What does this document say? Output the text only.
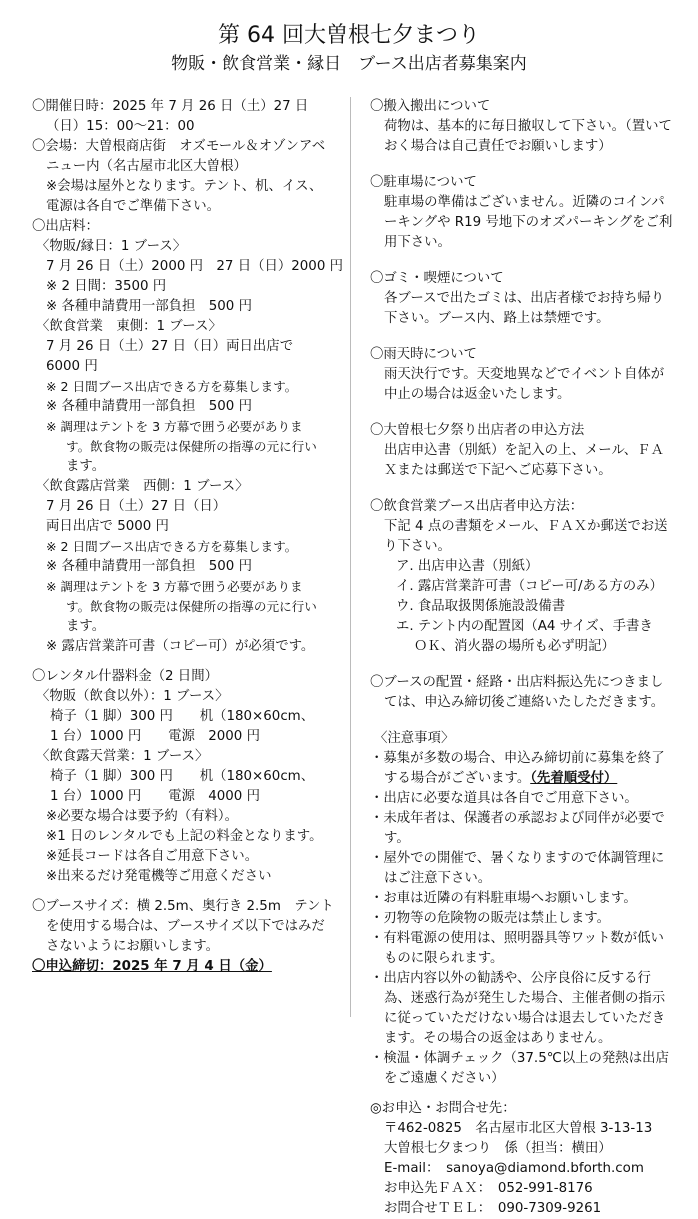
第 64 回大曽根七夕まつり
物販・飲食営業・縁日　ブース出店者募集案内
〇開催日時：2025 年 7 月 26 日（土）27 日
（日）15：00～21：00
〇会場：大曽根商店街　オズモール＆オゾンアベ
ニュー内（名古屋市北区大曽根）
※会場は屋外となります。テント、机、イス、
電源は各自でご準備下さい。
〇出店料：
〈物販/縁日：1 ブース〉
7 月 26 日（土）2000 円　27 日（日）2000 円
※ 2 日間：3500 円
※ 各種申請費用一部負担　500 円
〈飲食営業　東側：1 ブース〉
7 月 26 日（土）27 日（日）両日出店で
6000 円
※ 2 日間ブース出店できる方を募集します。
※ 各種申請費用一部負担　500 円
※ 調理はテントを 3 方幕で囲う必要がありま
す。飲食物の販売は保健所の指導の元に行い
ます。
〈飲食露店営業　西側：1 ブース〉
7 月 26 日（土）27 日（日）
両日出店で 5000 円
※ 2 日間ブース出店できる方を募集します。
※ 各種申請費用一部負担　500 円
※ 調理はテントを 3 方幕で囲う必要がありま
す。飲食物の販売は保健所の指導の元に行い
ます。
※ 露店営業許可書（コピー可）が必須です。
〇レンタル什器料金（2 日間）
〈物販（飲食以外）：1 ブース〉
椅子（1 脚）300 円　　机（180×60cm、
1 台）1000 円　　電源　2000 円
〈飲食露天営業：1 ブース〉
椅子（1 脚）300 円　　机（180×60cm、
1 台）1000 円　　電源　4000 円
※必要な場合は要予約（有料）。
※1 日のレンタルでも上記の料金となります。
※延長コードは各自ご用意下さい。
※出来るだけ発電機等ご用意ください
〇ブースサイズ：横 2.5m、奥行き 2.5m　テント
を使用する場合は、ブースサイズ以下ではみだ
さないようにお願いします。
〇申込締切：2025 年 7 月 4 日（金）
〇搬入搬出について
荷物は、基本的に毎日撤収して下さい。（置いて
おく場合は自己責任でお願いします）
〇駐車場について
駐車場の準備はございません。近隣のコインパ
ーキングや R19 号地下のオズパーキングをご利
用下さい。
〇ゴミ・喫煙について
各ブースで出たゴミは、出店者様でお持ち帰り
下さい。ブース内、路上は禁煙です。
〇雨天時について
雨天決行です。天変地異などでイベント自体が
中止の場合は返金いたします。
〇大曽根七夕祭り出店者の申込方法
出店申込書（別紙）を記入の上、メール、ＦＡ
Ｘまたは郵送で下記へご応募下さい。
〇飲食営業ブース出店者申込方法：
下記 4 点の書類をメール、ＦＡＸか郵送でお送
り下さい。
ア. 出店申込書（別紙）
イ. 露店営業許可書（コピー可/ある方のみ）
ウ. 食品取扱関係施設設備書
エ. テント内の配置図（A4 サイズ、手書き
ＯＫ、消火器の場所も必ず明記）
〇ブースの配置・経路・出店料振込先につきまし
ては、申込み締切後ご連絡いたしただきます。
〈注意事項〉
・募集が多数の場合、申込み締切前に募集を終了
する場合がございます。（先着順受付）
・出店に必要な道具は各自でご用意下さい。
・未成年者は、保護者の承認および同伴が必要で
す。
・屋外での開催で、暑くなりますので体調管理に
はご注意下さい。
・お車は近隣の有料駐車場へお願いします。
・刃物等の危険物の販売は禁止します。
・有料電源の使用は、照明器具等ワット数が低い
ものに限られます。
・出店内容以外の勧誘や、公序良俗に反する行
為、迷惑行為が発生した場合、主催者側の指示
に従っていただけない場合は退去していただき
ます。その場合の返金はありません。
・検温・体調チェック（37.5℃以上の発熱は出店
をご遠慮ください）
◎お申込・お問合せ先：
〒462-0825　名古屋市北区大曽根 3-13-13
大曽根七夕まつり　係（担当：横田）
E-mail：　sanoya@diamond.bforth.com
お申込先ＦＡＸ：　052-991-8176
お問合せＴＥＬ：　090-7309-9261
